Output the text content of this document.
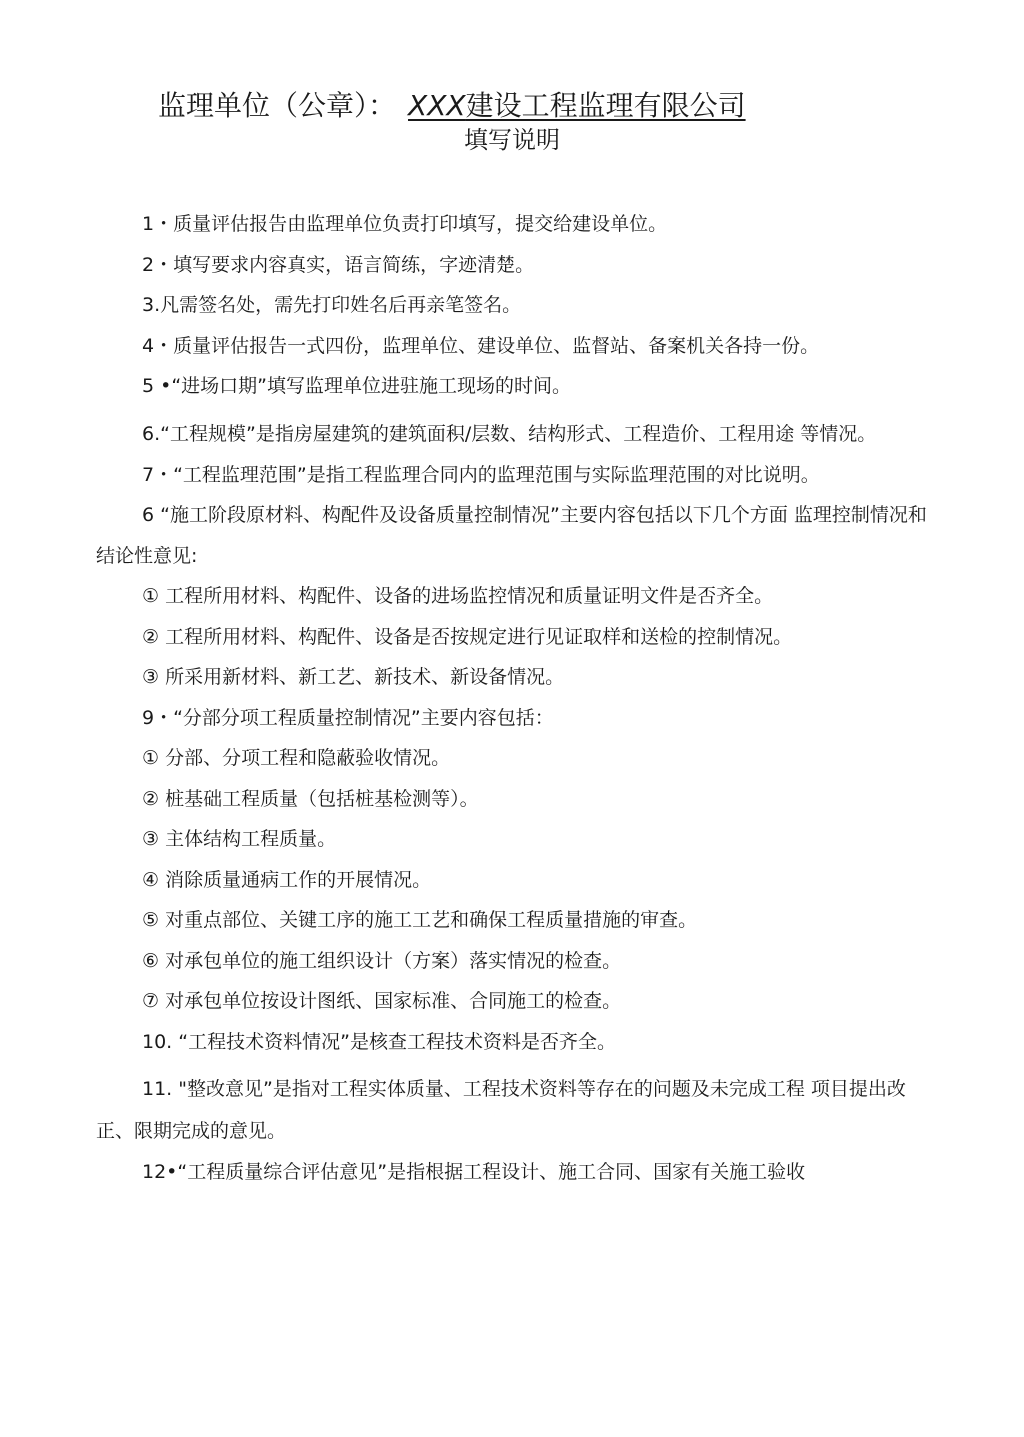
监理单位（公章）： XXX建设工程监理有限公司
填写说明

1・质量评估报告由监理单位负责打印填写，提交给建设单位。

2・填写要求内容真实，语言简练，字迹清楚。

3.凡需签名处，需先打印姓名后再亲笔签名。

4・质量评估报告一式四份，监理单位、建设单位、监督站、备案机关各持一份。

5 •“进场口期”填写监理单位进驻施工现场的时间。

6.“工程规模”是指房屋建筑的建筑面积/层数、结构形式、工程造价、工程用途 等情况。

7・“工程监理范围”是指工程监理合同内的监理范围与实际监理范围的对比说明。

6 “施工阶段原材料、构配件及设备质量控制情况”主要内容包括以下几个方面 监理控制情况和结论性意见:

① 工程所用材料、构配件、设备的进场监控情况和质量证明文件是否齐全。

② 工程所用材料、构配件、设备是否按规定进行见证取样和送检的控制情况。

③ 所采用新材料、新工艺、新技术、新设备情况。

9・“分部分项工程质量控制情况”主要内容包括：

① 分部、分项工程和隐蔽验收情况。

② 桩基础工程质量（包括桩基检测等）。

③ 主体结构工程质量。

④ 消除质量通病工作的开展情况。

⑤ 对重点部位、关键工序的施工工艺和确保工程质量措施的审查。

⑥ 对承包单位的施工组织设计（方案）落实情况的检查。

⑦ 对承包单位按设计图纸、国家标准、合同施工的检查。

10. “工程技术资料情况”是核查工程技术资料是否齐全。

11. "整改意见”是指对工程实体质量、工程技术资料等存在的问题及未完成工程 项目提出改正、限期完成的意见。

12•“工程质量综合评估意见”是指根据工程设计、施工合同、国家有关施工验收
